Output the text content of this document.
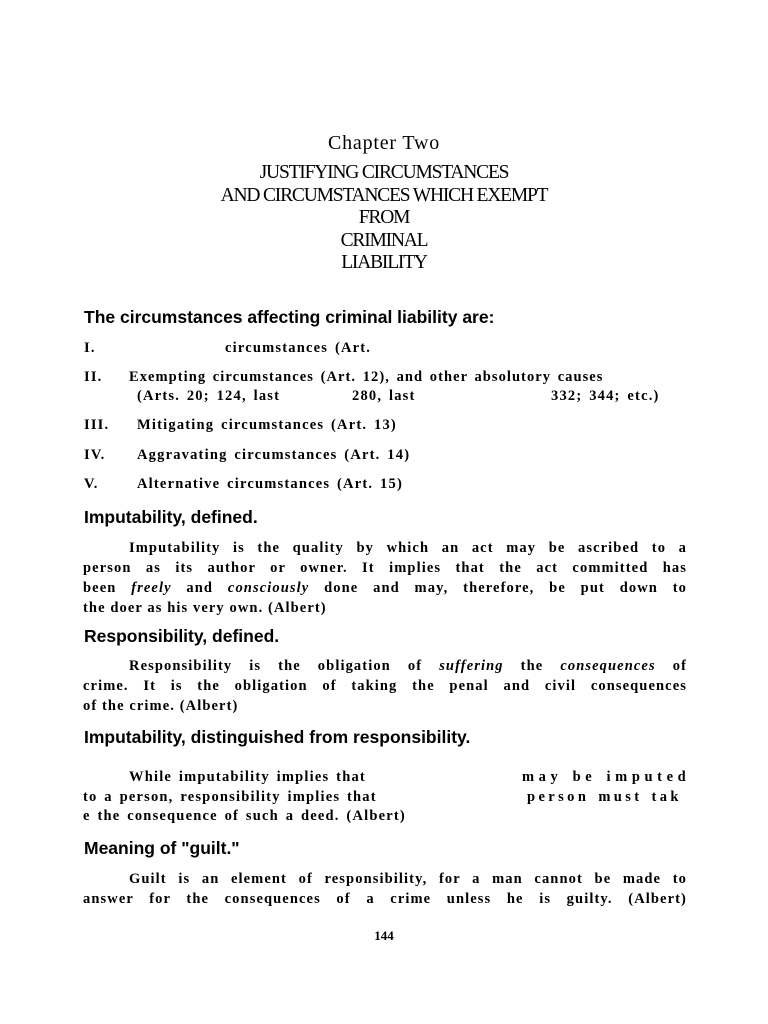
Chapter Two
JUSTIFYING CIRCUMSTANCES
AND CIRCUMSTANCES WHICH EXEMPT
FROM
CRIMINAL
LIABILITY
The circumstances affecting criminal liability are:
I.	circumstances (Art.
II. Exempting circumstances (Art. 12), and other absolutory causes
(Arts. 20; 124, last	280, last	332; 344; etc.)
III. Mitigating circumstances (Art. 13)
IV. Aggravating circumstances (Art. 14)
V.	Alternative circumstances (Art. 15)
Imputability, defined.
Imputability is the quality by which an act may be ascribed to a
person as its author or owner. It implies that the act committed has
been freely and consciously done and may, therefore, be put down to
the doer as his very own. (Albert)
Responsibility, defined.
Responsibility is the obligation of suffering the consequences of
crime. It is the obligation of taking the penal and civil consequences
of the crime. (Albert)
Imputability, distinguished from responsibility.
While imputability implies that	may be imputed
to a person, responsibility implies that	person must tak
e the consequence of such a deed. (Albert)
Meaning of "guilt."
Guilt is an element of responsibility, for a man cannot be made to
answer for the consequences of a crime unless he is guilty. (Albert)
144
